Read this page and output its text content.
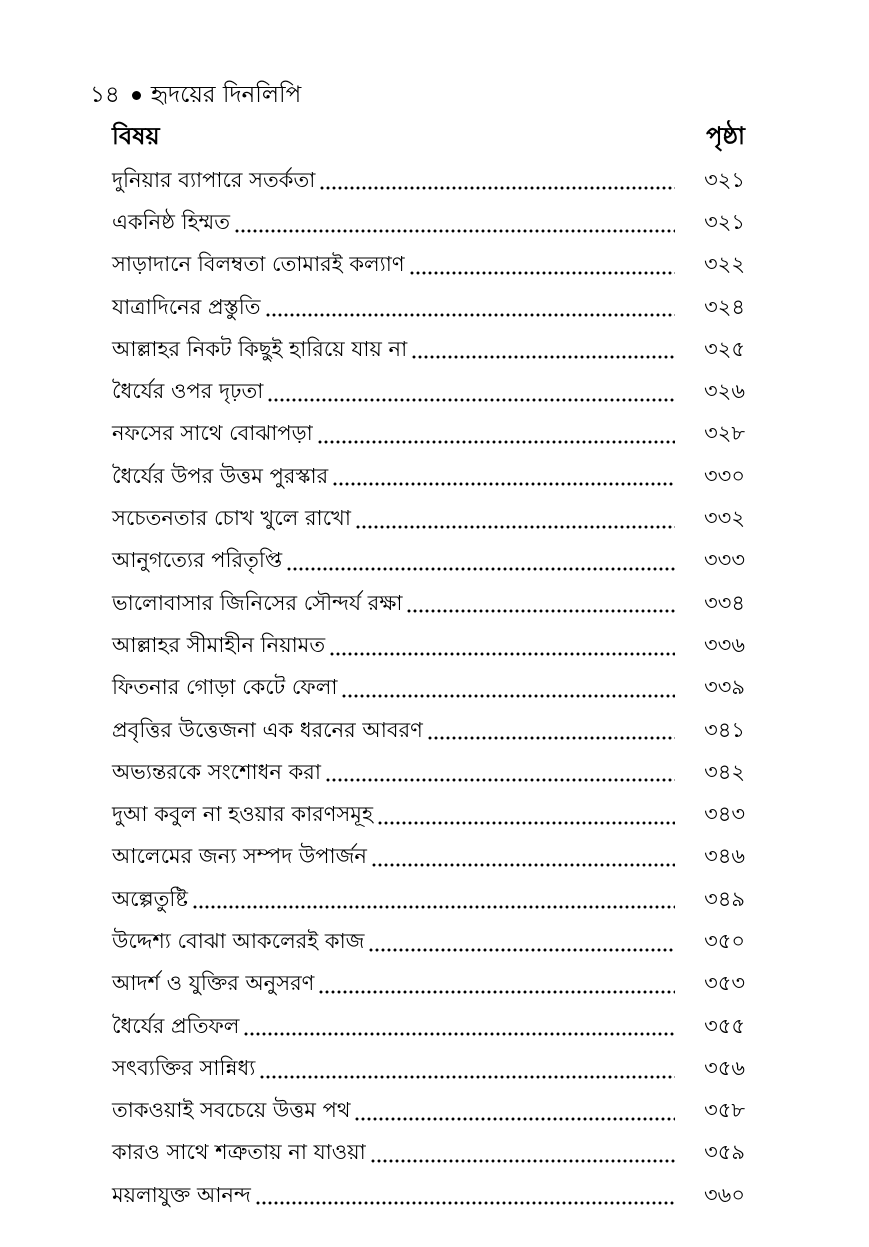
১৪ হৃদয়ের দিনলিপি
বিষয়	পৃষ্ঠা
দুনিয়ার ব্যাপারে সতর্কতা	৩২১
একনিষ্ঠ হিম্মত	৩২১
সাড়াদানে বিলম্বতা তোমারই কল্যাণ	৩২২
যাত্রাদিনের প্রস্তুতি	৩২৪
আল্লাহর নিকট কিছুই হারিয়ে যায় না	৩২৫
ধৈর্যের ওপর দৃঢ়তা	৩২৬
নফসের সাথে বোঝাপড়া	৩২৮
ধৈর্যের উপর উত্তম পুরস্কার	৩৩০
সচেতনতার চোখ খুলে রাখো	৩৩২
আনুগত্যের পরিতৃপ্তি	৩৩৩
ভালোবাসার জিনিসের সৌন্দর্য রক্ষা	৩৩৪
আল্লাহর সীমাহীন নিয়ামত	৩৩৬
ফিতনার গোড়া কেটে ফেলা	৩৩৯
প্রবৃত্তির উত্তেজনা এক ধরনের আবরণ	৩৪১
অভ্যন্তরকে সংশোধন করা	৩৪২
দুআ কবুল না হওয়ার কারণসমূহ	৩৪৩
আলেমের জন্য সম্পদ উপার্জন	৩৪৬
অল্পেতুষ্টি	৩৪৯
উদ্দেশ্য বোঝা আকলেরই কাজ	৩৫০
আদর্শ ও যুক্তির অনুসরণ	৩৫৩
ধৈর্যের প্রতিফল	৩৫৫
সৎব্যক্তির সান্নিধ্য	৩৫৬
তাকওয়াই সবচেয়ে উত্তম পথ	৩৫৮
কারও সাথে শত্রুতায় না যাওয়া	৩৫৯
ময়লাযুক্ত আনন্দ	৩৬০
